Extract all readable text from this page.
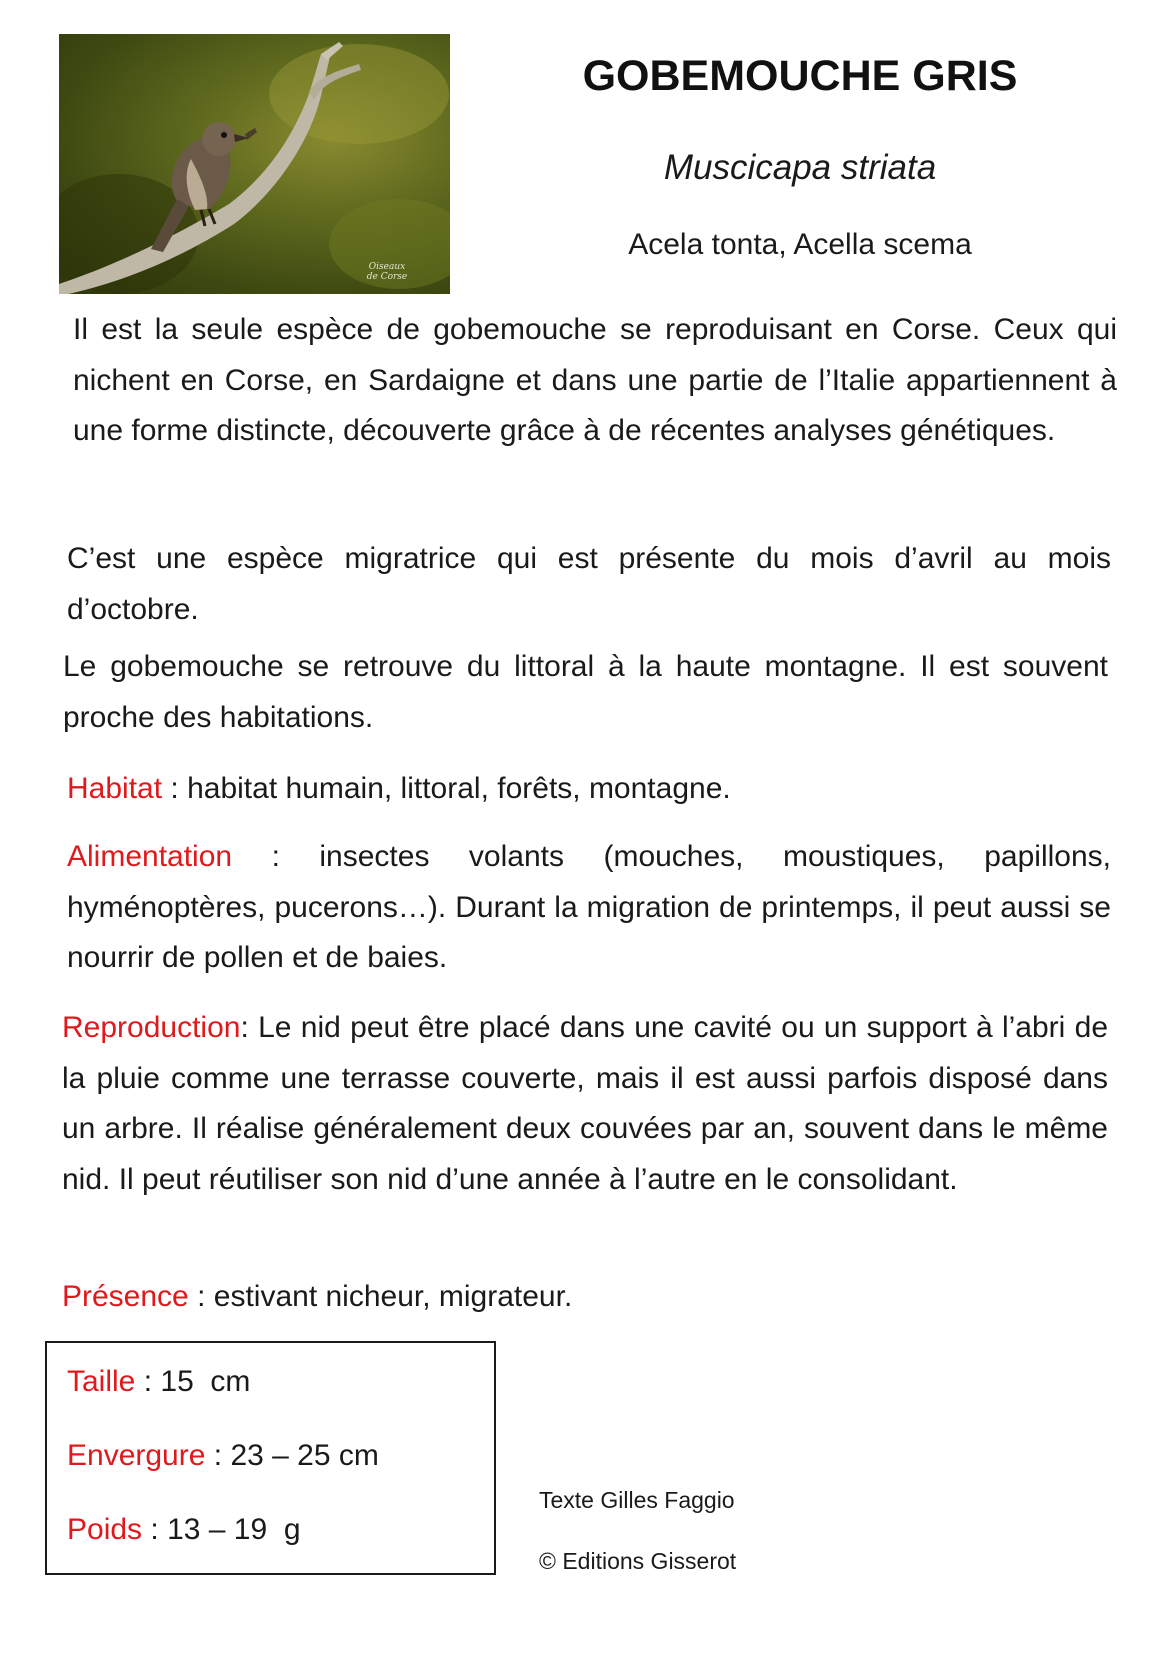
Oiseaux
de Corse
GOBEMOUCHE GRIS
Muscicapa striata
Acela tonta, Acella scema
Il est la seule espèce de gobemouche se reproduisant en Corse. Ceux qui nichent en Corse, en Sardaigne et dans une partie de l’Italie appartiennent à une forme distincte, découverte grâce à de récentes analyses génétiques.
C’est une espèce migratrice qui est présente du mois d’avril au mois d’octobre.
Le gobemouche se retrouve du littoral à la haute montagne. Il est souvent proche des habitations.
Habitat : habitat humain, littoral, forêts, montagne.
Alimentation : insectes volants (mouches, moustiques, papillons, hyménoptères, pucerons…). Durant la migration de printemps, il peut aussi se nourrir de pollen et de baies.
Reproduction: Le nid peut être placé dans une cavité ou un support à l’abri de la pluie comme une terrasse couverte, mais il est aussi parfois disposé dans un arbre. Il réalise généralement deux couvées par an, souvent dans le même nid. Il peut réutiliser son nid d’une année à l’autre en le consolidant.
Présence : estivant nicheur, migrateur.
Taille : 15  cm
Envergure : 23 – 25 cm
Poids : 13 – 19  g
Texte Gilles Faggio
© Editions Gisserot
